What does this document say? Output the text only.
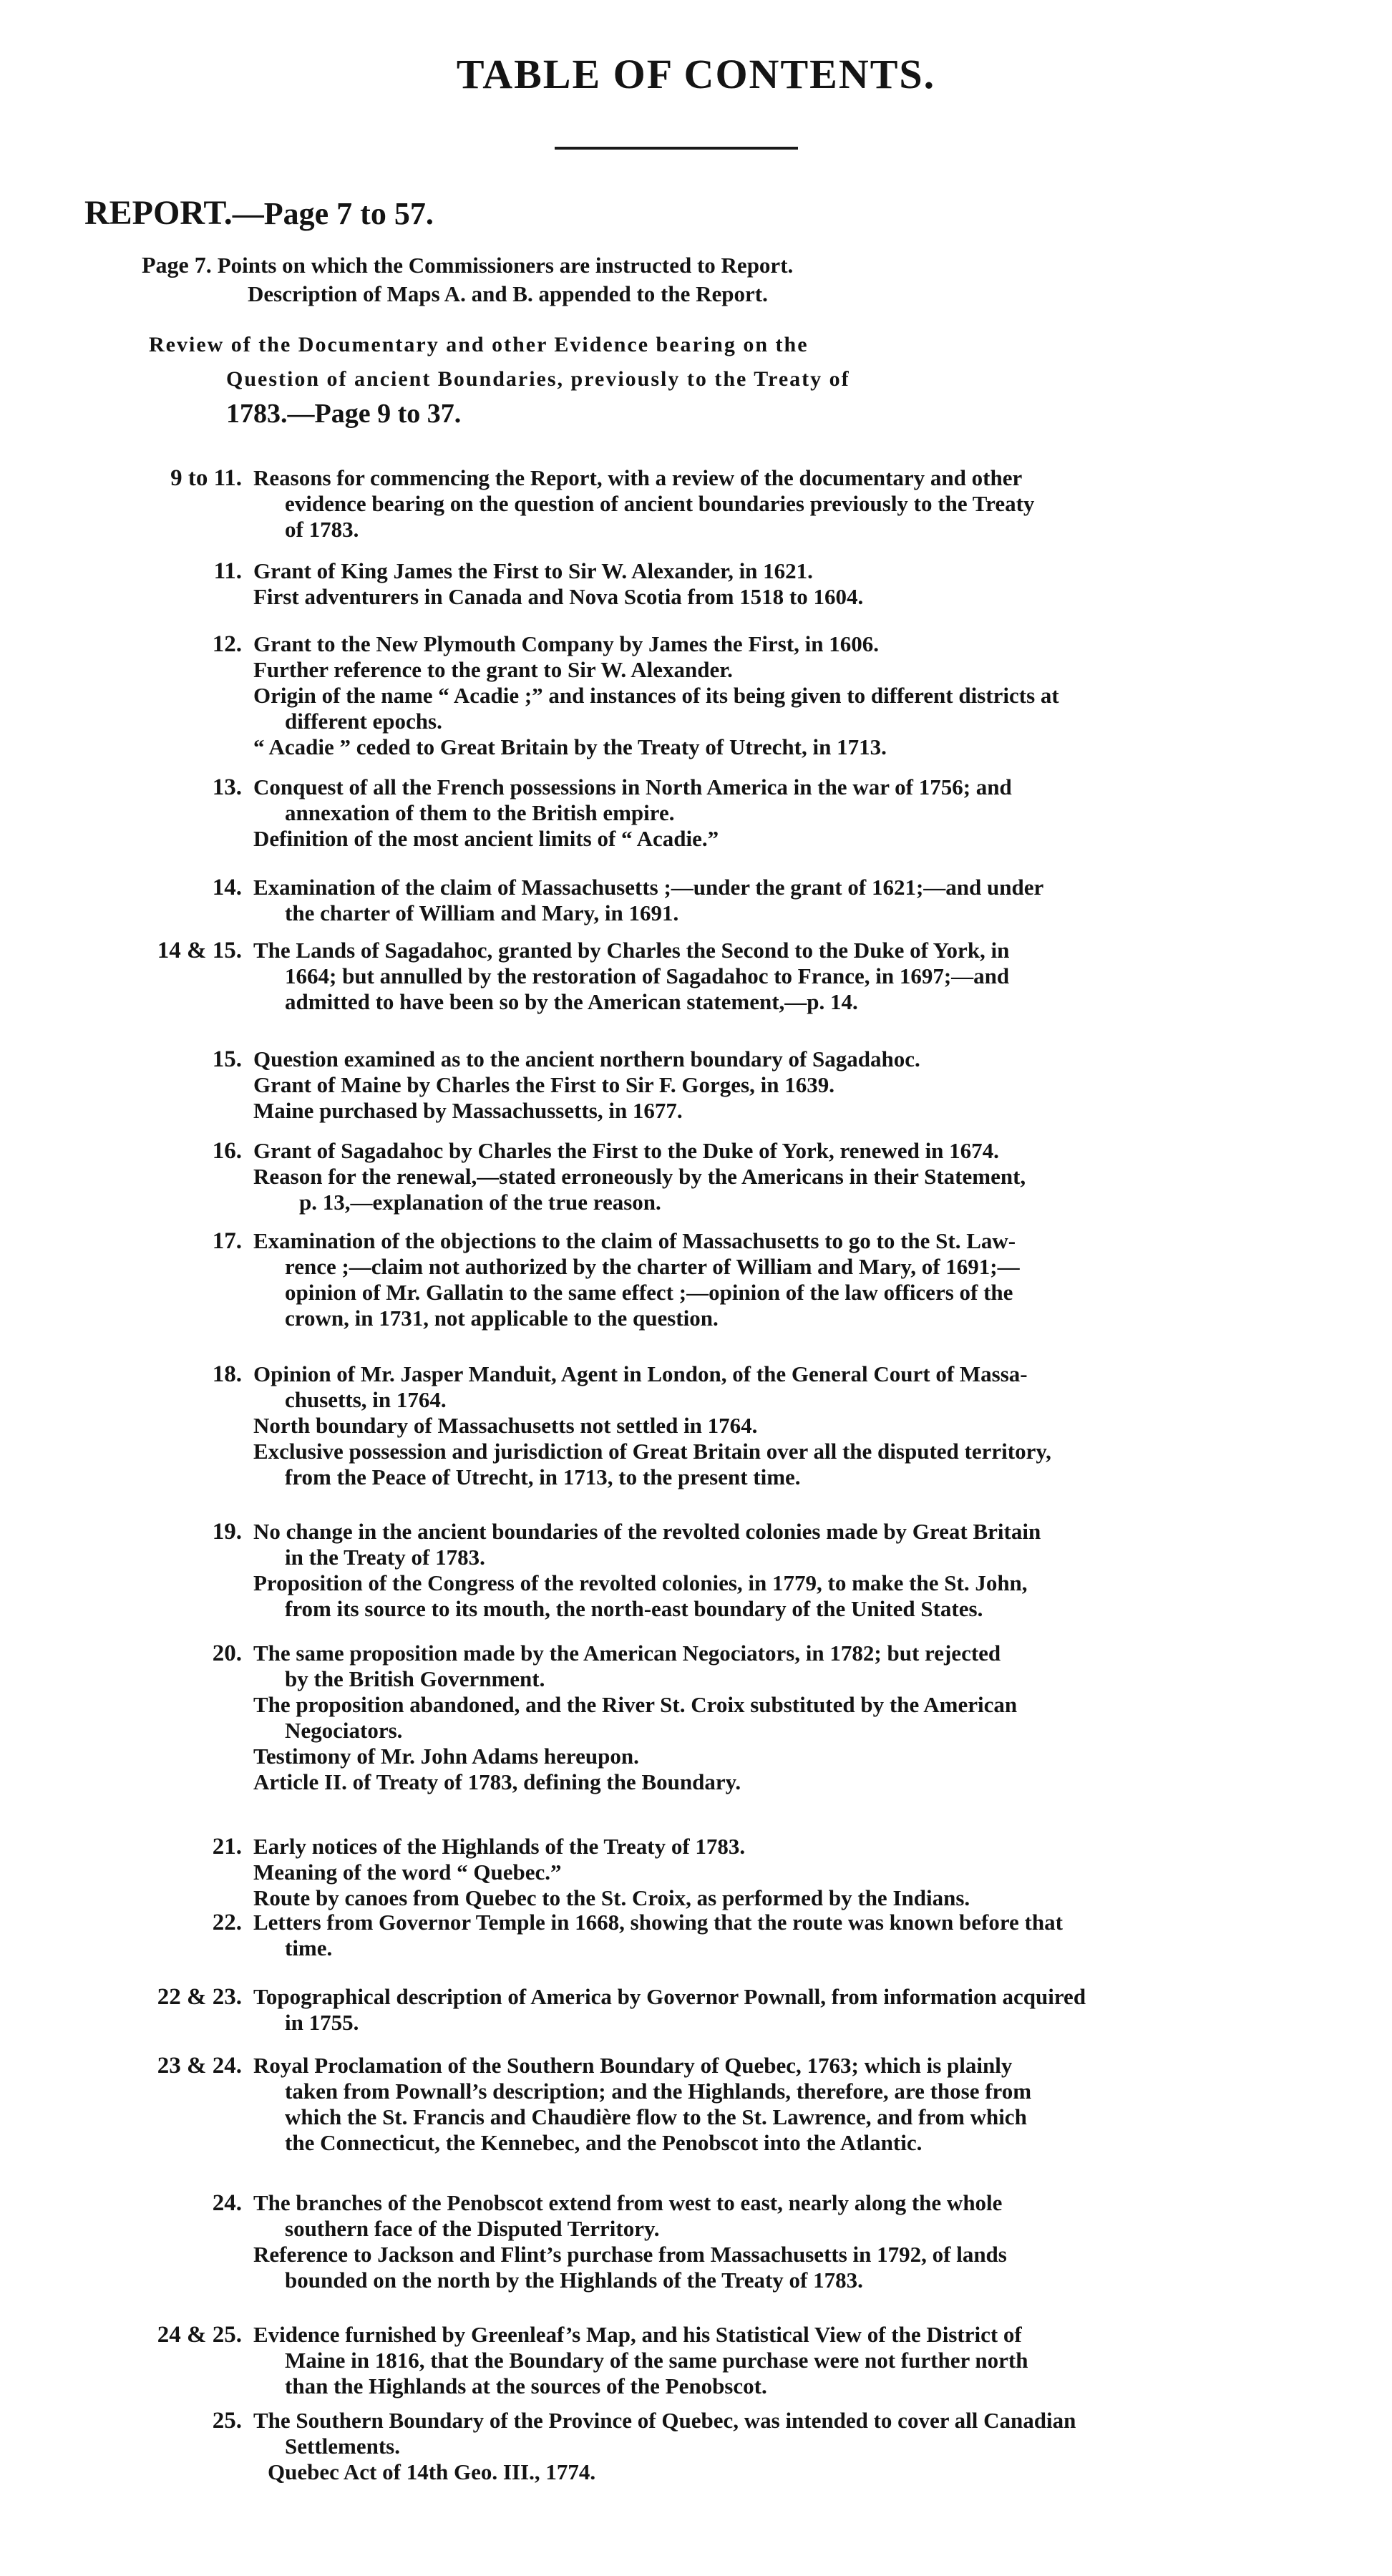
TABLE OF CONTENTS.
REPORT.—Page 7 to 57.
Page 7. Points on which the Commissioners are instructed to Report.
Description of Maps A. and B. appended to the Report.
Review of the Documentary and other Evidence bearing on the
Question of ancient Boundaries, previously to the Treaty of
1783.—Page 9 to 37.
9 to 11. Reasons for commencing the Report, with a review of the documentary and other
evidence bearing on the question of ancient boundaries previously to the Treaty
of 1783.
11. Grant of King James the First to Sir W. Alexander, in 1621.
First adventurers in Canada and Nova Scotia from 1518 to 1604.
12. Grant to the New Plymouth Company by James the First, in 1606.
Further reference to the grant to Sir W. Alexander.
Origin of the name “ Acadie ;” and instances of its being given to different districts at
different epochs.
“ Acadie ” ceded to Great Britain by the Treaty of Utrecht, in 1713.
13. Conquest of all the French possessions in North America in the war of 1756; and
annexation of them to the British empire.
Definition of the most ancient limits of “ Acadie.”
14. Examination of the claim of Massachusetts ;—under the grant of 1621;—and under
the charter of William and Mary, in 1691.
14 & 15. The Lands of Sagadahoc, granted by Charles the Second to the Duke of York, in
1664; but annulled by the restoration of Sagadahoc to France, in 1697;—and
admitted to have been so by the American statement,—p. 14.
15. Question examined as to the ancient northern boundary of Sagadahoc.
Grant of Maine by Charles the First to Sir F. Gorges, in 1639.
Maine purchased by Massachussetts, in 1677.
16. Grant of Sagadahoc by Charles the First to the Duke of York, renewed in 1674.
Reason for the renewal,—stated erroneously by the Americans in their Statement,
p. 13,—explanation of the true reason.
17. Examination of the objections to the claim of Massachusetts to go to the St. Law-
rence ;—claim not authorized by the charter of William and Mary, of 1691;—
opinion of Mr. Gallatin to the same effect ;—opinion of the law officers of the
crown, in 1731, not applicable to the question.
18. Opinion of Mr. Jasper Manduit, Agent in London, of the General Court of Massa-
chusetts, in 1764.
North boundary of Massachusetts not settled in 1764.
Exclusive possession and jurisdiction of Great Britain over all the disputed territory,
from the Peace of Utrecht, in 1713, to the present time.
19. No change in the ancient boundaries of the revolted colonies made by Great Britain
in the Treaty of 1783.
Proposition of the Congress of the revolted colonies, in 1779, to make the St. John,
from its source to its mouth, the north-east boundary of the United States.
20. The same proposition made by the American Negociators, in 1782; but rejected
by the British Government.
The proposition abandoned, and the River St. Croix substituted by the American
Negociators.
Testimony of Mr. John Adams hereupon.
Article II. of Treaty of 1783, defining the Boundary.
21. Early notices of the Highlands of the Treaty of 1783.
Meaning of the word “ Quebec.”
Route by canoes from Quebec to the St. Croix, as performed by the Indians.
22. Letters from Governor Temple in 1668, showing that the route was known before that
time.
22 & 23. Topographical description of America by Governor Pownall, from information acquired
in 1755.
23 & 24. Royal Proclamation of the Southern Boundary of Quebec, 1763; which is plainly
taken from Pownall’s description; and the Highlands, therefore, are those from
which the St. Francis and Chaudière flow to the St. Lawrence, and from which
the Connecticut, the Kennebec, and the Penobscot into the Atlantic.
24. The branches of the Penobscot extend from west to east, nearly along the whole
southern face of the Disputed Territory.
Reference to Jackson and Flint’s purchase from Massachusetts in 1792, of lands
bounded on the north by the Highlands of the Treaty of 1783.
24 & 25. Evidence furnished by Greenleaf’s Map, and his Statistical View of the District of
Maine in 1816, that the Boundary of the same purchase were not further north
than the Highlands at the sources of the Penobscot.
25. The Southern Boundary of the Province of Quebec, was intended to cover all Canadian
Settlements.
Quebec Act of 14th Geo. III., 1774.
